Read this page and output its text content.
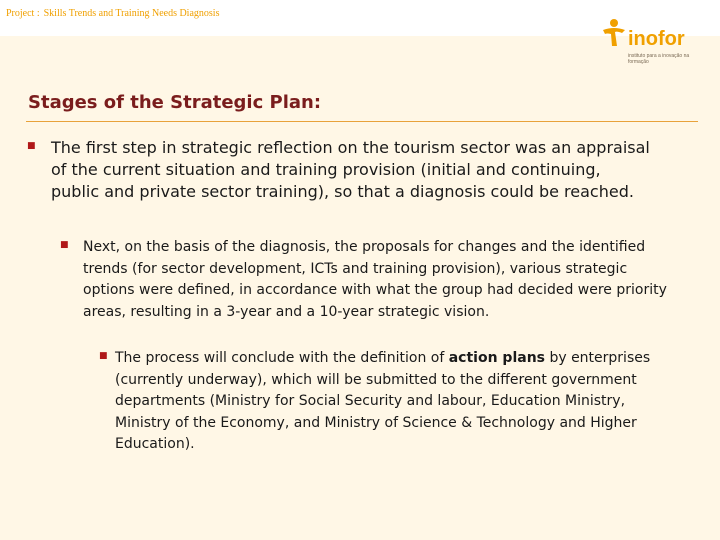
Project : Skills Trends and Training Needs Diagnosis
inofor
instituto para a inovação na formação
Stages of the Strategic Plan:
■ The first step in strategic reflection on the tourism sector was an appraisal of the current situation and training provision (initial and continuing, public and private sector training), so that a diagnosis could be reached.
■ Next, on the basis of the diagnosis, the proposals for changes and the identified trends (for sector development, ICTs and training provision), various strategic options were defined, in accordance with what the group had decided were priority areas, resulting in a 3-year and a 10-year strategic vision.
■ The process will conclude with the definition of action plans by enterprises (currently underway), which will be submitted to the different government departments (Ministry for Social Security and labour, Education Ministry, Ministry of the Economy, and Ministry of Science & Technology and Higher Education).
